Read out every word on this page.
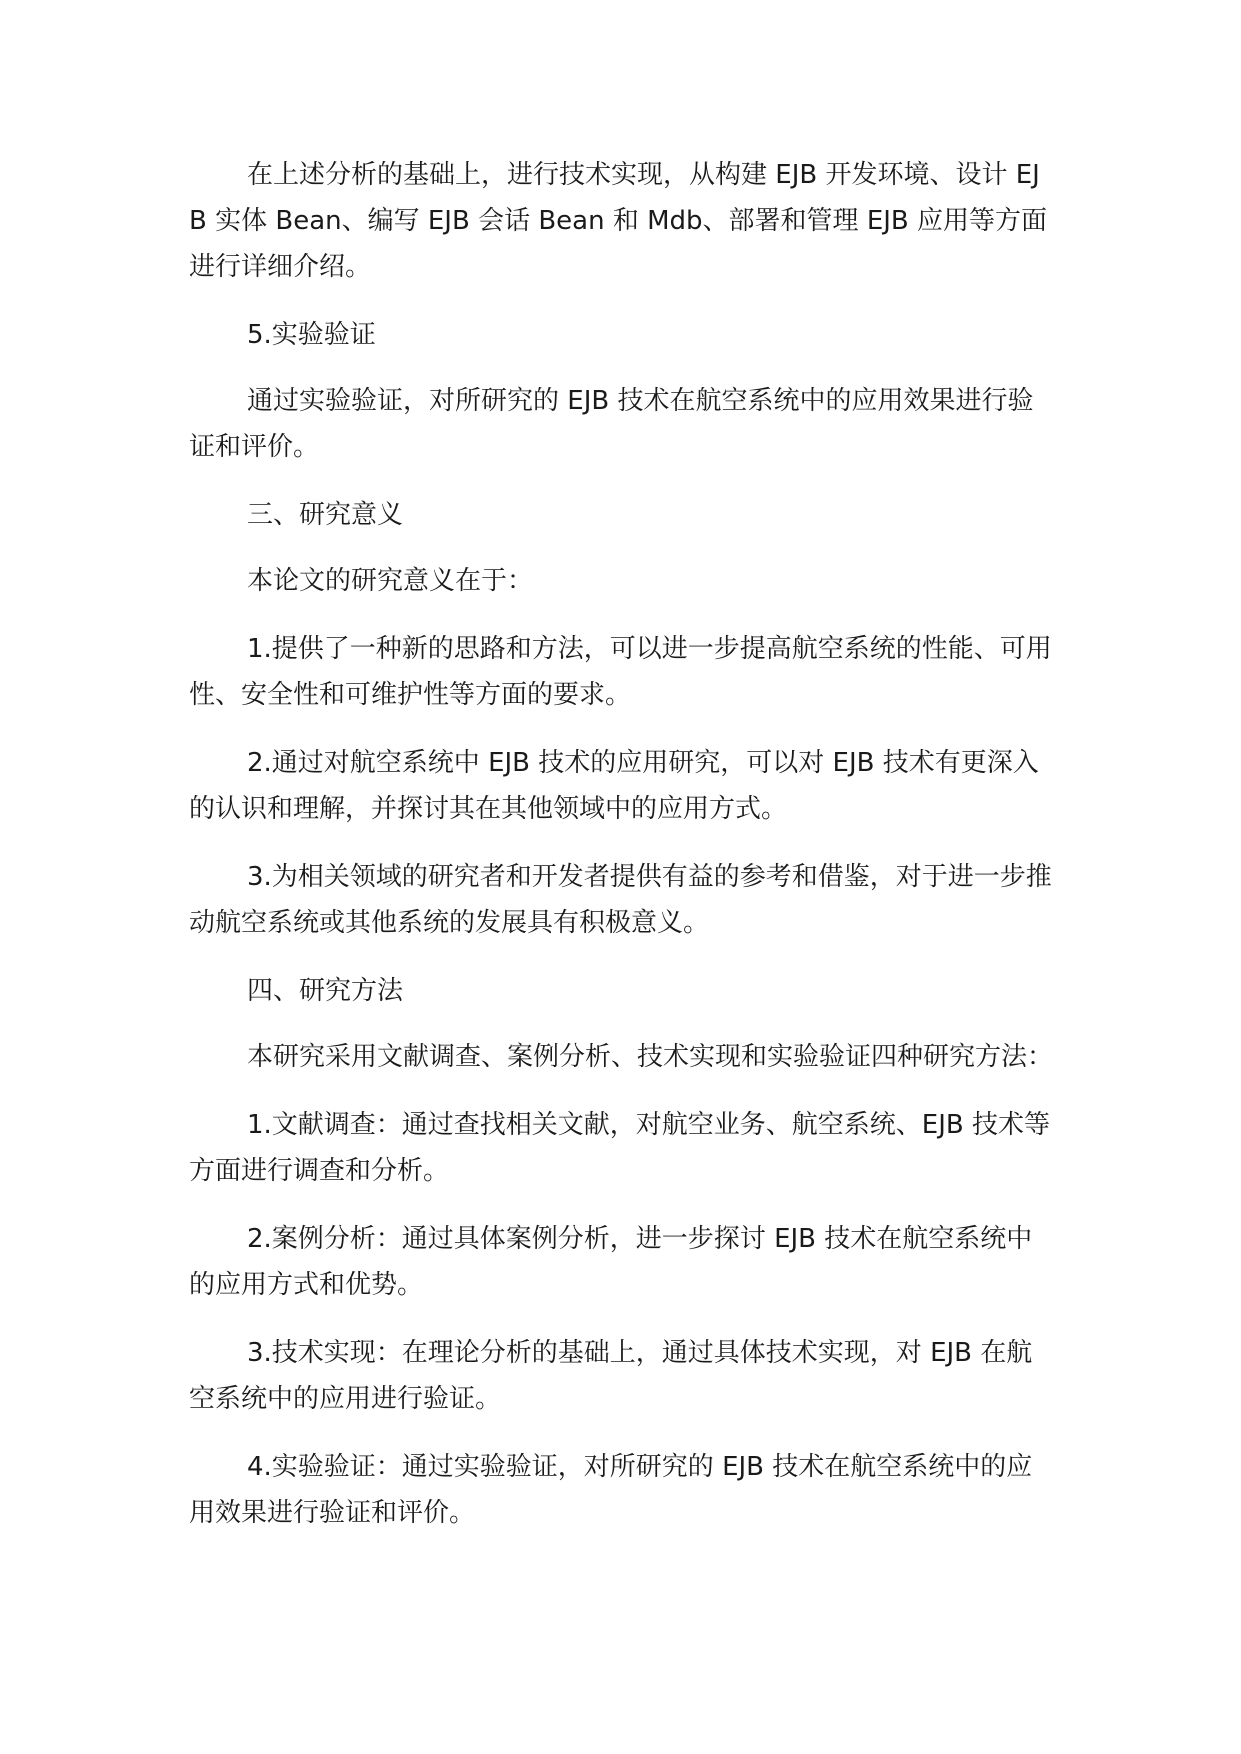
在上述分析的基础上，进行技术实现，从构建 EJB 开发环境、设计 EJB 实体 Bean、编写 EJB 会话 Bean 和 Mdb、部署和管理 EJB 应用等方面进行详细介绍。

5.实验验证

通过实验验证，对所研究的 EJB 技术在航空系统中的应用效果进行验证和评价。

三、研究意义

本论文的研究意义在于：

1.提供了一种新的思路和方法，可以进一步提高航空系统的性能、可用性、安全性和可维护性等方面的要求。

2.通过对航空系统中 EJB 技术的应用研究，可以对 EJB 技术有更深入的认识和理解，并探讨其在其他领域中的应用方式。

3.为相关领域的研究者和开发者提供有益的参考和借鉴，对于进一步推动航空系统或其他系统的发展具有积极意义。

四、研究方法

本研究采用文献调查、案例分析、技术实现和实验验证四种研究方法：

1.文献调查：通过查找相关文献，对航空业务、航空系统、EJB 技术等方面进行调查和分析。

2.案例分析：通过具体案例分析，进一步探讨 EJB 技术在航空系统中的应用方式和优势。

3.技术实现：在理论分析的基础上，通过具体技术实现，对 EJB 在航空系统中的应用进行验证。

4.实验验证：通过实验验证，对所研究的 EJB 技术在航空系统中的应用效果进行验证和评价。
